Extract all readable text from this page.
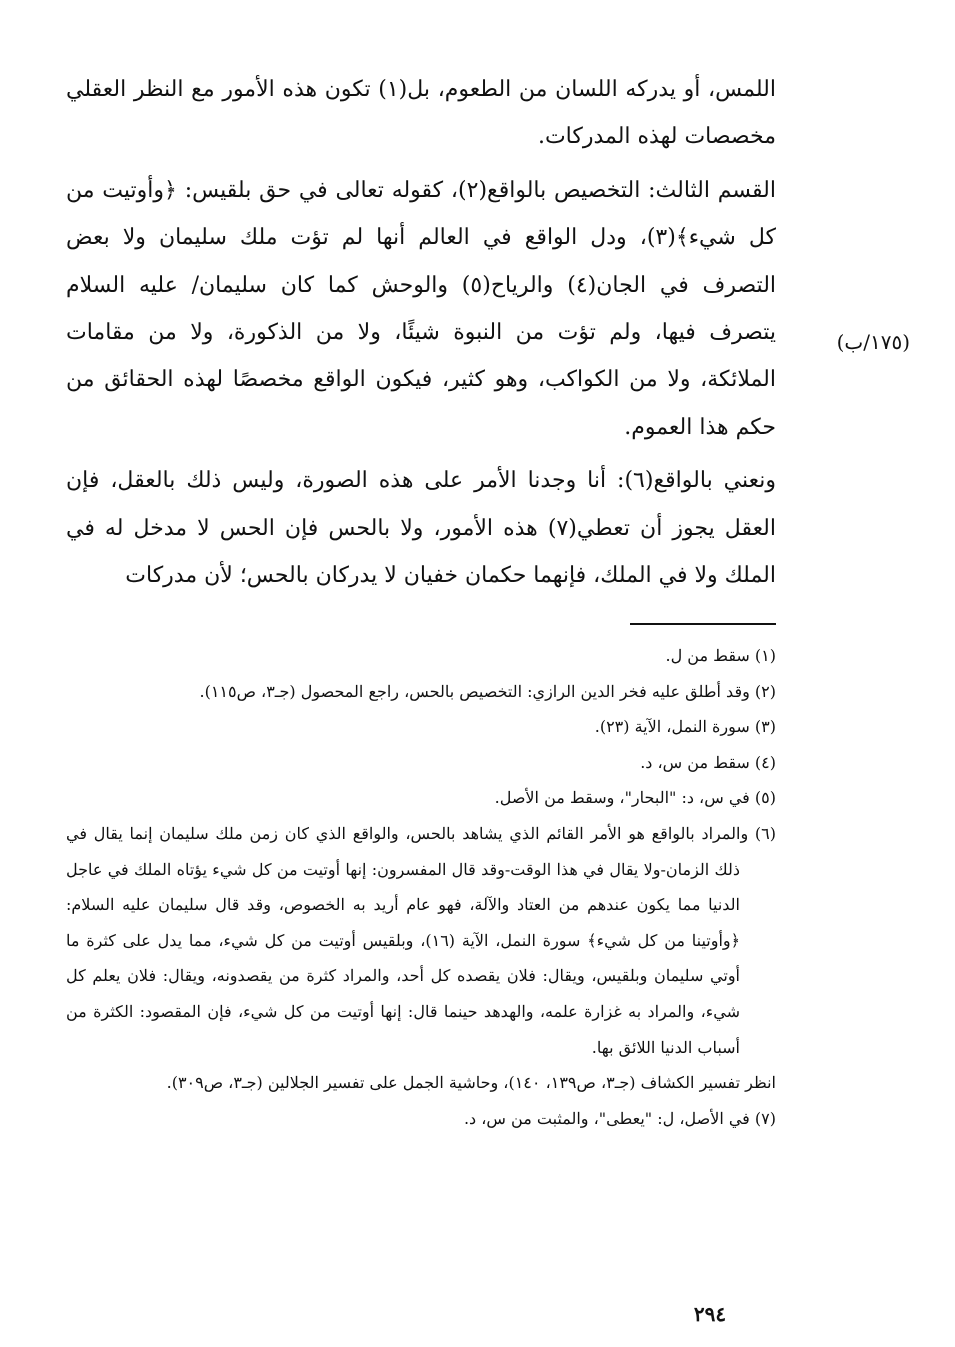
اللمس، أو يدركه اللسان من الطعوم، بل(١) تكون هذه الأمور مع النظر العقلي مخصصات لهذه المدركات.

القسم الثالث: التخصيص بالواقع(٢)، كقوله تعالى في حق بلقيس: ﴿وأوتيت من كل شيء﴾(٣)، ودل الواقع في العالم أنها لم تؤت ملك سليمان ولا بعض التصرف في الجان(٤) والرياح(٥) والوحش كما كان سليمان/ عليه السلام يتصرف فيها، ولم تؤت من النبوة شيئًا، ولا من الذكورة، ولا من مقامات الملائكة، ولا من الكواكب، وهو كثير، فيكون الواقع مخصصًا لهذه الحقائق من حكم هذا العموم.

ونعني بالواقع(٦): أنا وجدنا الأمر على هذه الصورة، وليس ذلك بالعقل، فإن العقل يجوز أن تعطي(٧) هذه الأمور، ولا بالحس فإن الحس لا مدخل له في الملك ولا في الملك، فإنهما حكمان خفيان لا يدركان بالحس؛ لأن مدركات

(١٧٥/ب)
(١) سقط من ل.
(٢) وقد أطلق عليه فخر الدين الرازي: التخصيص بالحس، راجع المحصول (جـ٣، ص١١٥).
(٣) سورة النمل، الآية (٢٣).
(٤) سقط من س، د.
(٥) في س، د: "البحار"، وسقط من الأصل.
(٦) والمراد بالواقع هو الأمر القائم الذي يشاهد بالحس، والواقع الذي كان زمن ملك سليمان إنما يقال في ذلك الزمان-ولا يقال في هذا الوقت-وقد قال المفسرون: إنها أوتيت من كل شيء يؤتاه الملك في عاجل الدنيا مما يكون عندهم من العتاد والآلة، فهو عام أريد به الخصوص، وقد قال سليمان عليه السلام: ﴿وأوتينا من كل شيء﴾ سورة النمل، الآية (١٦)، وبلقيس أوتيت من كل شيء، مما يدل على كثرة ما أوتي سليمان وبلقيس، ويقال: فلان يقصده كل أحد، والمراد كثرة من يقصدونه، ويقال: فلان يعلم كل شيء، والمراد به غزارة علمه، والهدهد حينما قال: إنها أوتيت من كل شيء، فإن المقصود: الكثرة من أسباب الدنيا اللائق بها.
انظر تفسير الكشاف (جـ٣، ص١٣٩، ١٤٠)، وحاشية الجمل على تفسير الجلالين (جـ٣، ص٣٠٩).
(٧) في الأصل، ل: "يعطى"، والمثبت من س، د.
٢٩٤
